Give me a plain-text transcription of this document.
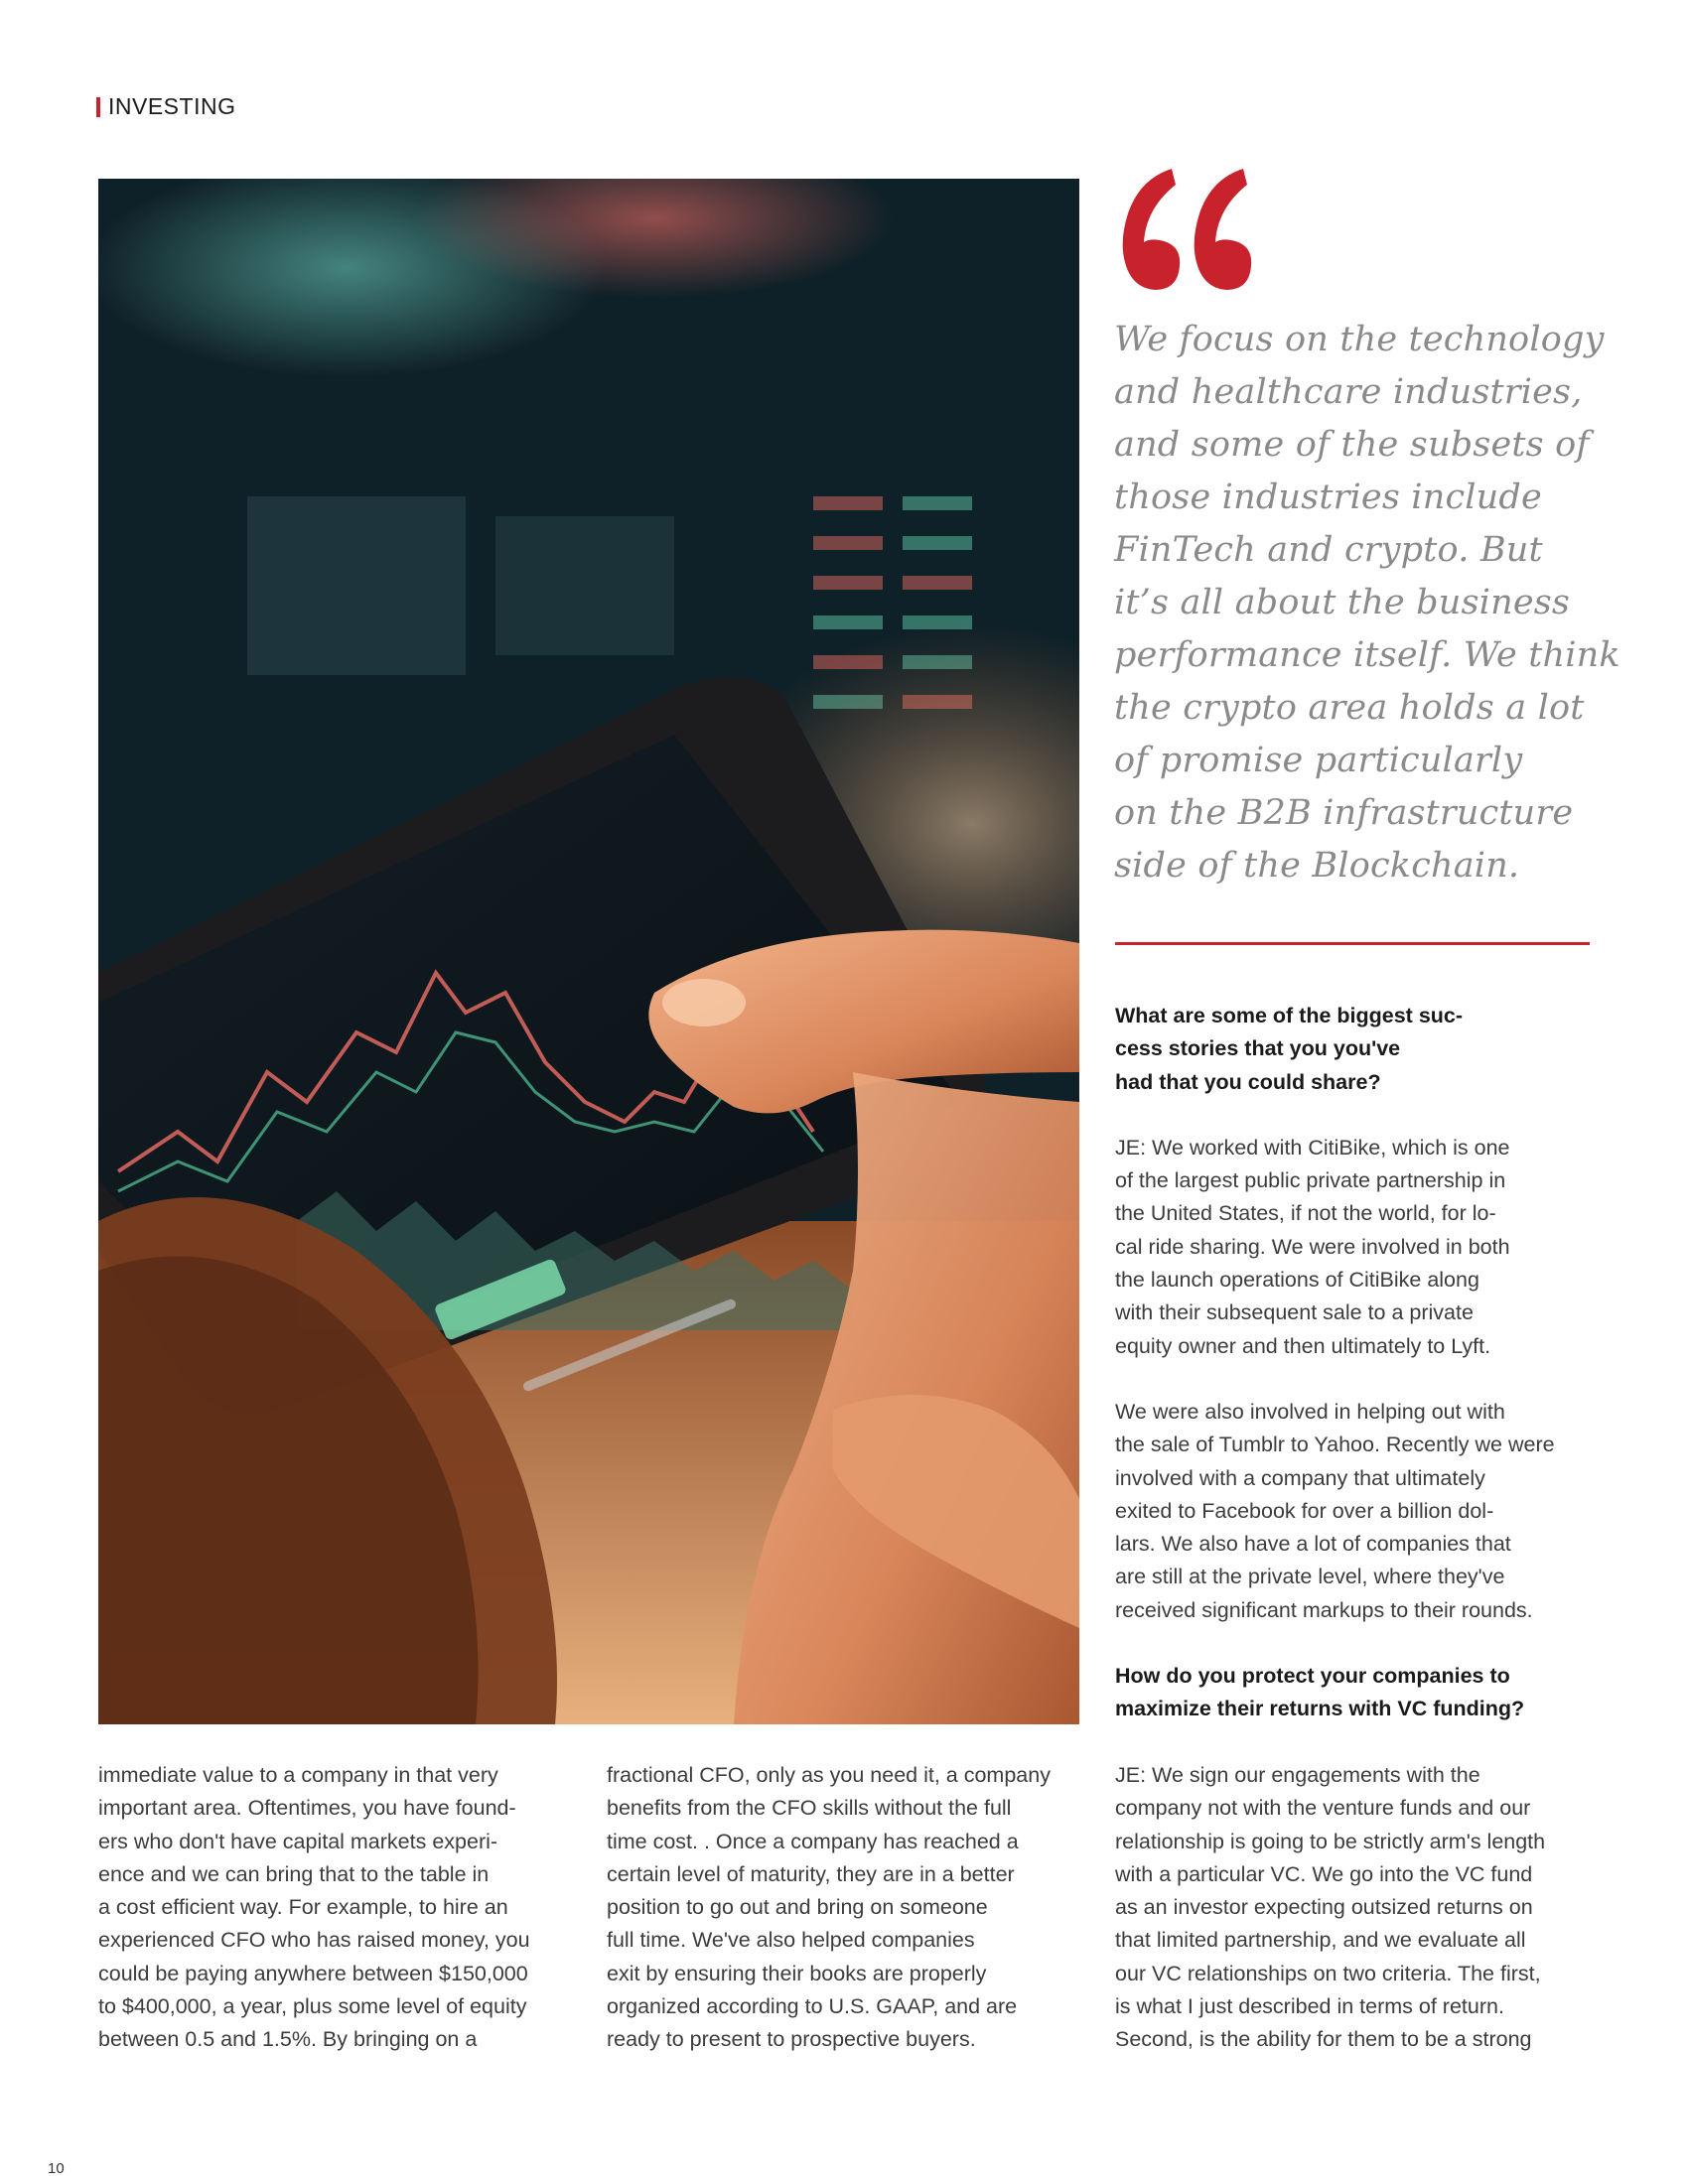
INVESTING
We focus on the technology
and healthcare industries,
and some of the subsets of
those industries include
FinTech and crypto. But
it’s all about the business
performance itself. We think
the crypto area holds a lot
of promise particularly
on the B2B infrastructure
side of the Blockchain.
What are some of the biggest suc-
cess stories that you you've
had that you could share?
JE: We worked with CitiBike, which is one
of the largest public private partnership in
the United States, if not the world, for lo-
cal ride sharing. We were involved in both
the launch operations of CitiBike along
with their subsequent sale to a private
equity owner and then ultimately to Lyft.
We were also involved in helping out with
the sale of Tumblr to Yahoo. Recently we were
involved with a company that ultimately
exited to Facebook for over a billion dol-
lars. We also have a lot of companies that
are still at the private level, where they've
received significant markups to their rounds.
How do you protect your companies to
maximize their returns with VC funding?
immediate value to a company in that very
important area. Oftentimes, you have found-
ers who don't have capital markets experi-
ence and we can bring that to the table in
a cost efficient way. For example, to hire an
experienced CFO who has raised money, you
could be paying anywhere between $150,000
to $400,000, a year, plus some level of equity
between 0.5 and 1.5%. By bringing on a
fractional CFO, only as you need it, a company
benefits from the CFO skills without the full
time cost. . Once a company has reached a
certain level of maturity, they are in a better
position to go out and bring on someone
full time. We've also helped companies
exit by ensuring their books are properly
organized according to U.S. GAAP, and are
ready to present to prospective buyers.
JE: We sign our engagements with the
company not with the venture funds and our
relationship is going to be strictly arm's length
with a particular VC. We go into the VC fund
as an investor expecting outsized returns on
that limited partnership, and we evaluate all
our VC relationships on two criteria. The first,
is what I just described in terms of return.
Second, is the ability for them to be a strong
10
